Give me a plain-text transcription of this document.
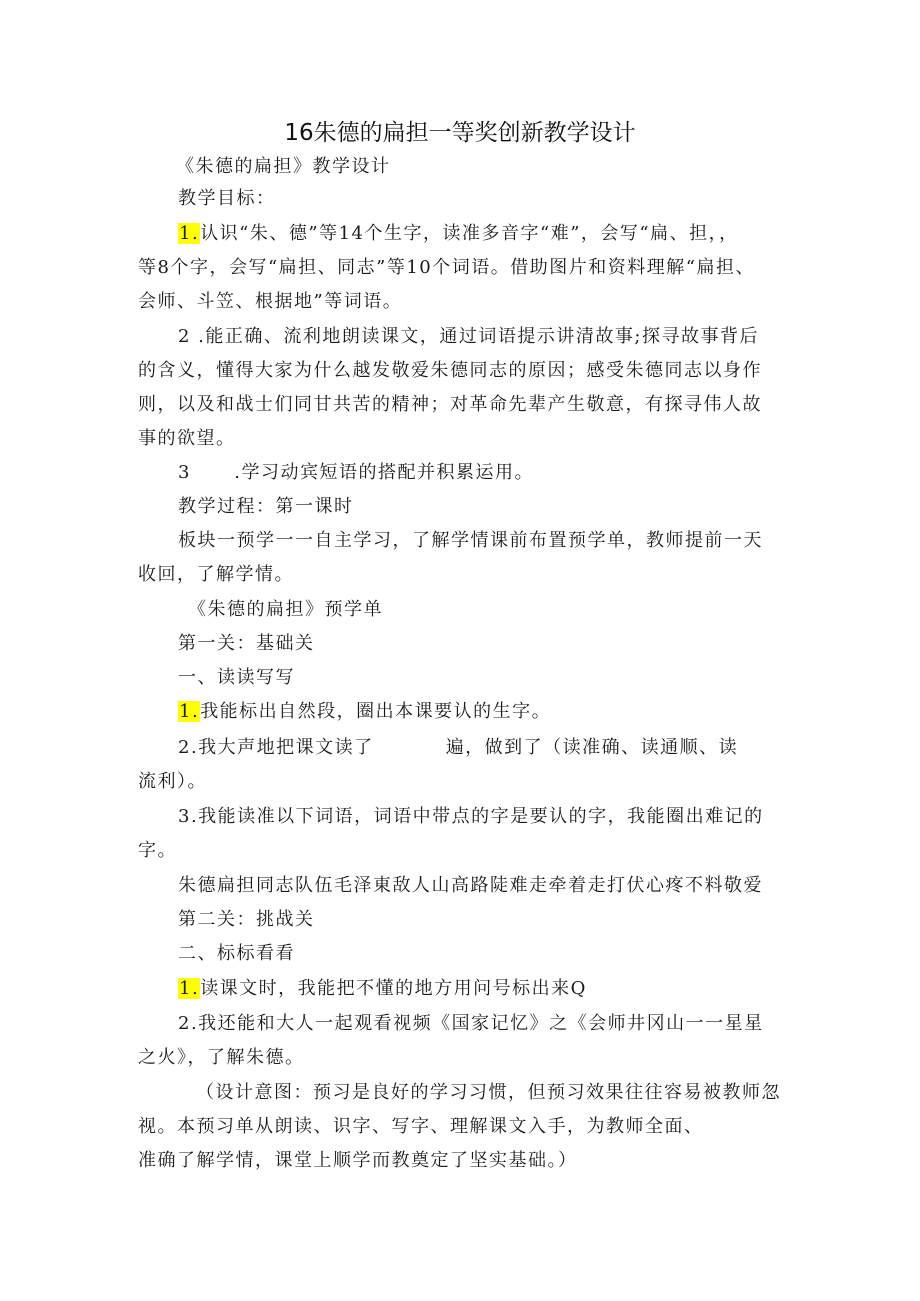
16朱德的扁担一等奖创新教学设计
《朱德的扁担》教学设计
教学目标：
1.认识“朱、德”等14个生字，读准多音字“难”，会写“扁、担，，
等8个字，会写“扁担、同志”等10个词语。借助图片和资料理解“扁担、
会师、斗笠、根据地”等词语。
2 .能正确、流利地朗读课文，通过词语提示讲清故事;探寻故事背后
的含义，懂得大家为什么越发敬爱朱德同志的原因；感受朱德同志以身作
则，以及和战士们同甘共苦的精神；对革命先辈产生敬意，有探寻伟人故
事的欲望。
3      .学习动宾短语的搭配并积累运用。
教学过程：第一课时
板块一预学一一自主学习，了解学情课前布置预学单，教师提前一天
收回，了解学情。
《朱德的扁担》预学单
第一关：基础关
一、读读写写
1.我能标出自然段，圈出本课要认的生字。
2.我大声地把课文读了	遍，做到了（读准确、读通顺、读
流利）。
3.我能读准以下词语，词语中带点的字是要认的字，我能圈出难记的
字。
朱德扁担同志队伍毛泽東敌人山高路陡难走牵着走打伏心疼不料敬爱
第二关：挑战关
二、标标看看
1.读课文时，我能把不懂的地方用问号标出来Q
2.我还能和大人一起观看视频《国家记忆》之《会师井冈山一一星星
之火》，了解朱德。
（设计意图：预习是良好的学习习惯，但预习效果往往容易被教师忽
视。本预习单从朗读、识字、写字、理解课文入手，为教师全面、
准确了解学情，课堂上顺学而教奠定了坚实基础。）
